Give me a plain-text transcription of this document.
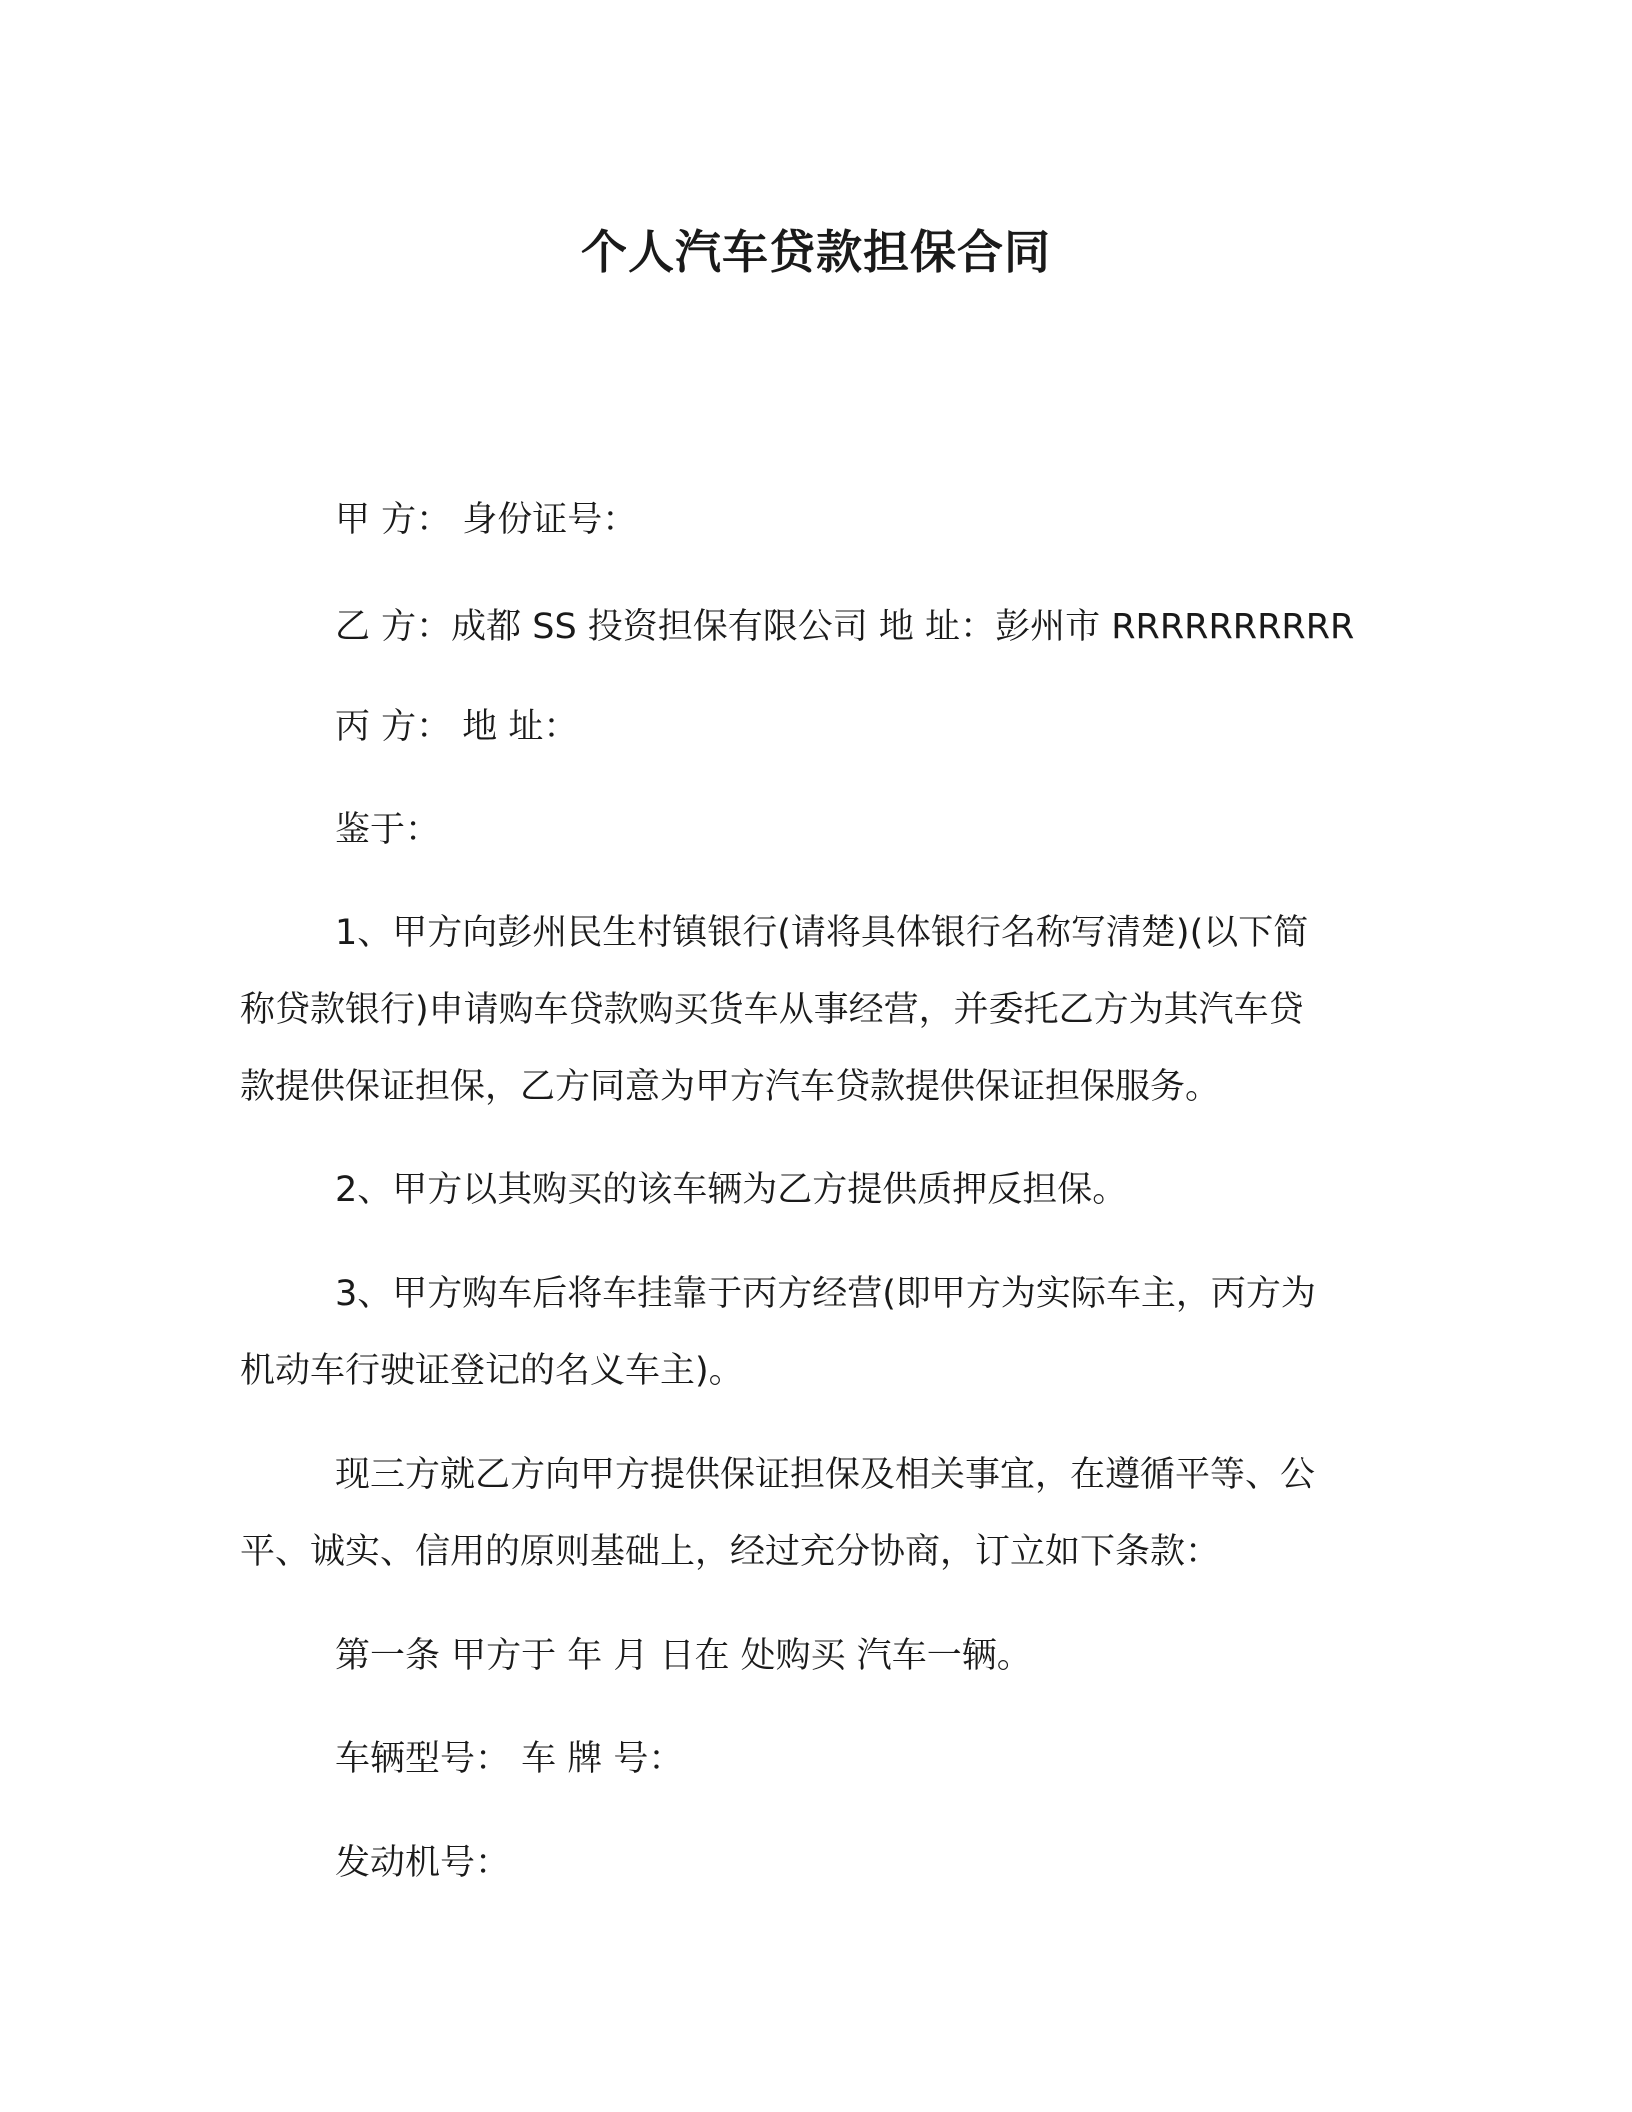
个人汽车贷款担保合同
甲 方： 身份证号：
乙 方：成都 SS 投资担保有限公司 地 址：彭州市 RRRRRRRRRR
丙 方： 地 址：
鉴于：
1、甲方向彭州民生村镇银行(请将具体银行名称写清楚)(以下简
称贷款银行)申请购车贷款购买货车从事经营，并委托乙方为其汽车贷
款提供保证担保，乙方同意为甲方汽车贷款提供保证担保服务。
2、甲方以其购买的该车辆为乙方提供质押反担保。
3、甲方购车后将车挂靠于丙方经营(即甲方为实际车主，丙方为
机动车行驶证登记的名义车主)。
现三方就乙方向甲方提供保证担保及相关事宜，在遵循平等、公
平、诚实、信用的原则基础上，经过充分协商，订立如下条款：
第一条 甲方于 年 月 日在 处购买 汽车一辆。
车辆型号： 车 牌 号：
发动机号：
